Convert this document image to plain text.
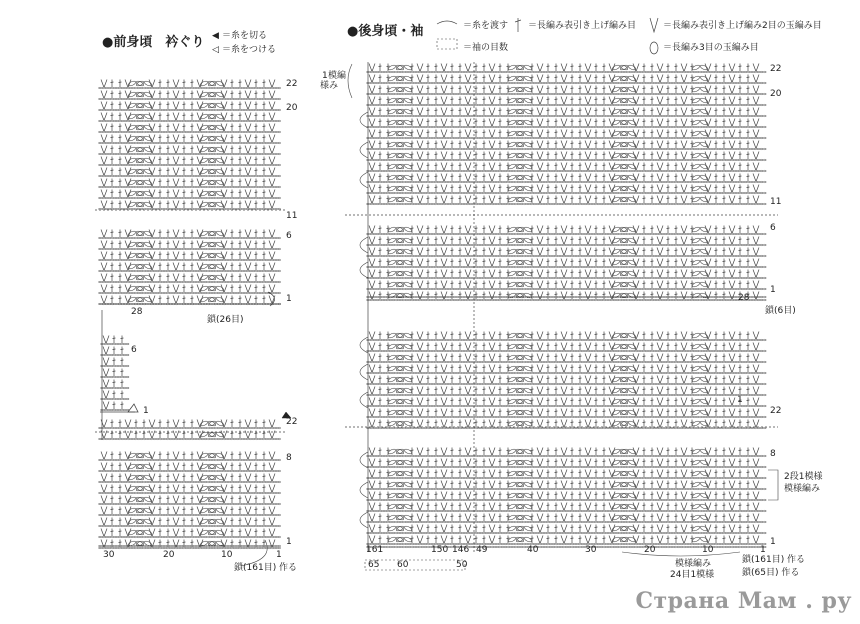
●前身頃　衿ぐり ◀ ＝糸を切る
◁ ＝糸をつける
22
20
11
6
1
6
1
22
8
1
28
鎖(26目)
鎖(161目) 作る
30	20	10	1
●後身頃・袖	＝糸を渡す
＝袖の目数
＝長編み表引き上げ編み目	＝長編み表引き上げ編み2目の玉編み目
＝長編み3目の玉編み目
1 模編
様み
22
20
11
6
1
1
22
8
1
28
鎖(6目)
2段1模様
模様編み
鎖(161目) 作る
鎖(65目) 作る
161	150 146 49	40	30	20	10	1
65 60	50	模様編み
24目1模様
Страна Мам . ру
